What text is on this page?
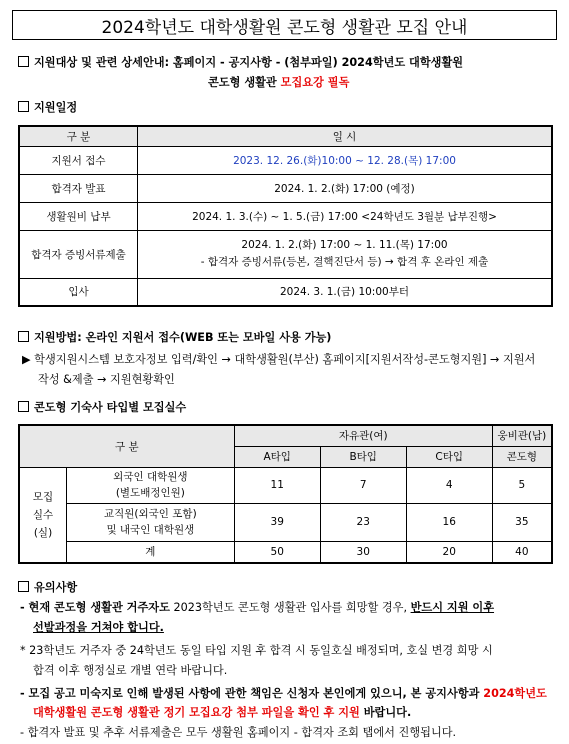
2024학년도 대학생활원 콘도형 생활관 모집 안내
지원대상 및 관련 상세안내: 홈페이지 - 공지사항 - (첨부파일) 2024학년도 대학생활원
콘도형 생활관 모집요강 필독
지원일정
구 분	일 시
지원서 접수	2023. 12. 26.(화)10:00 ~ 12. 28.(목) 17:00
합격자 발표	2024. 1. 2.(화) 17:00 (예정)
생활원비 납부	2024. 1. 3.(수) ~ 1. 5.(금) 17:00 <24학년도 3월분 납부진행>
합격자 증빙서류제출	2024. 1. 2.(화) 17:00 ~ 1. 11.(목) 17:00
- 합격자 증빙서류(등본, 결핵진단서 등) → 합격 후 온라인 제출

입사	2024. 3. 1.(금) 10:00부터
지원방법: 온라인 지원서 접수(WEB 또는 모바일 사용 가능)
▶ 학생지원시스템 보호자정보 입력/확인 → 대학생활원(부산) 홈페이지[지원서작성-콘도형지원] → 지원서
작성 &제출 → 지원현황확인
콘도형 기숙사 타입별 모집실수
구 분		자유관(여)			웅비관(남)
		A타입	B타입	C타입	콘도형
모집
실수
(실)	외국인 대학원생
(별도배정인원)	11	7	4	5
	교직원(외국인 포함)
및 내국인 대학원생	39	23	16	35
	계	50	30	20	40
유의사항
- 현재 콘도형 생활관 거주자도 2023학년도 콘도형 생활관 입사를 희망할 경우, 반드시 지원 이후
선발과정을 거쳐야 합니다.
* 23학년도 거주자 중 24학년도 동일 타입 지원 후 합격 시 동일호실 배정되며, 호실 변경 희망 시
합격 이후 행정실로 개별 연락 바랍니다.
- 모집 공고 미숙지로 인해 발생된 사항에 관한 책임은 신청자 본인에게 있으니, 본 공지사항과 2024학년도
대학생활원 콘도형 생활관 정기 모집요강 첨부 파일을 확인 후 지원 바랍니다.
- 합격자 발표 및 추후 서류제출은 모두 생활원 홈페이지 - 합격자 조회 탭에서 진행됩니다.
